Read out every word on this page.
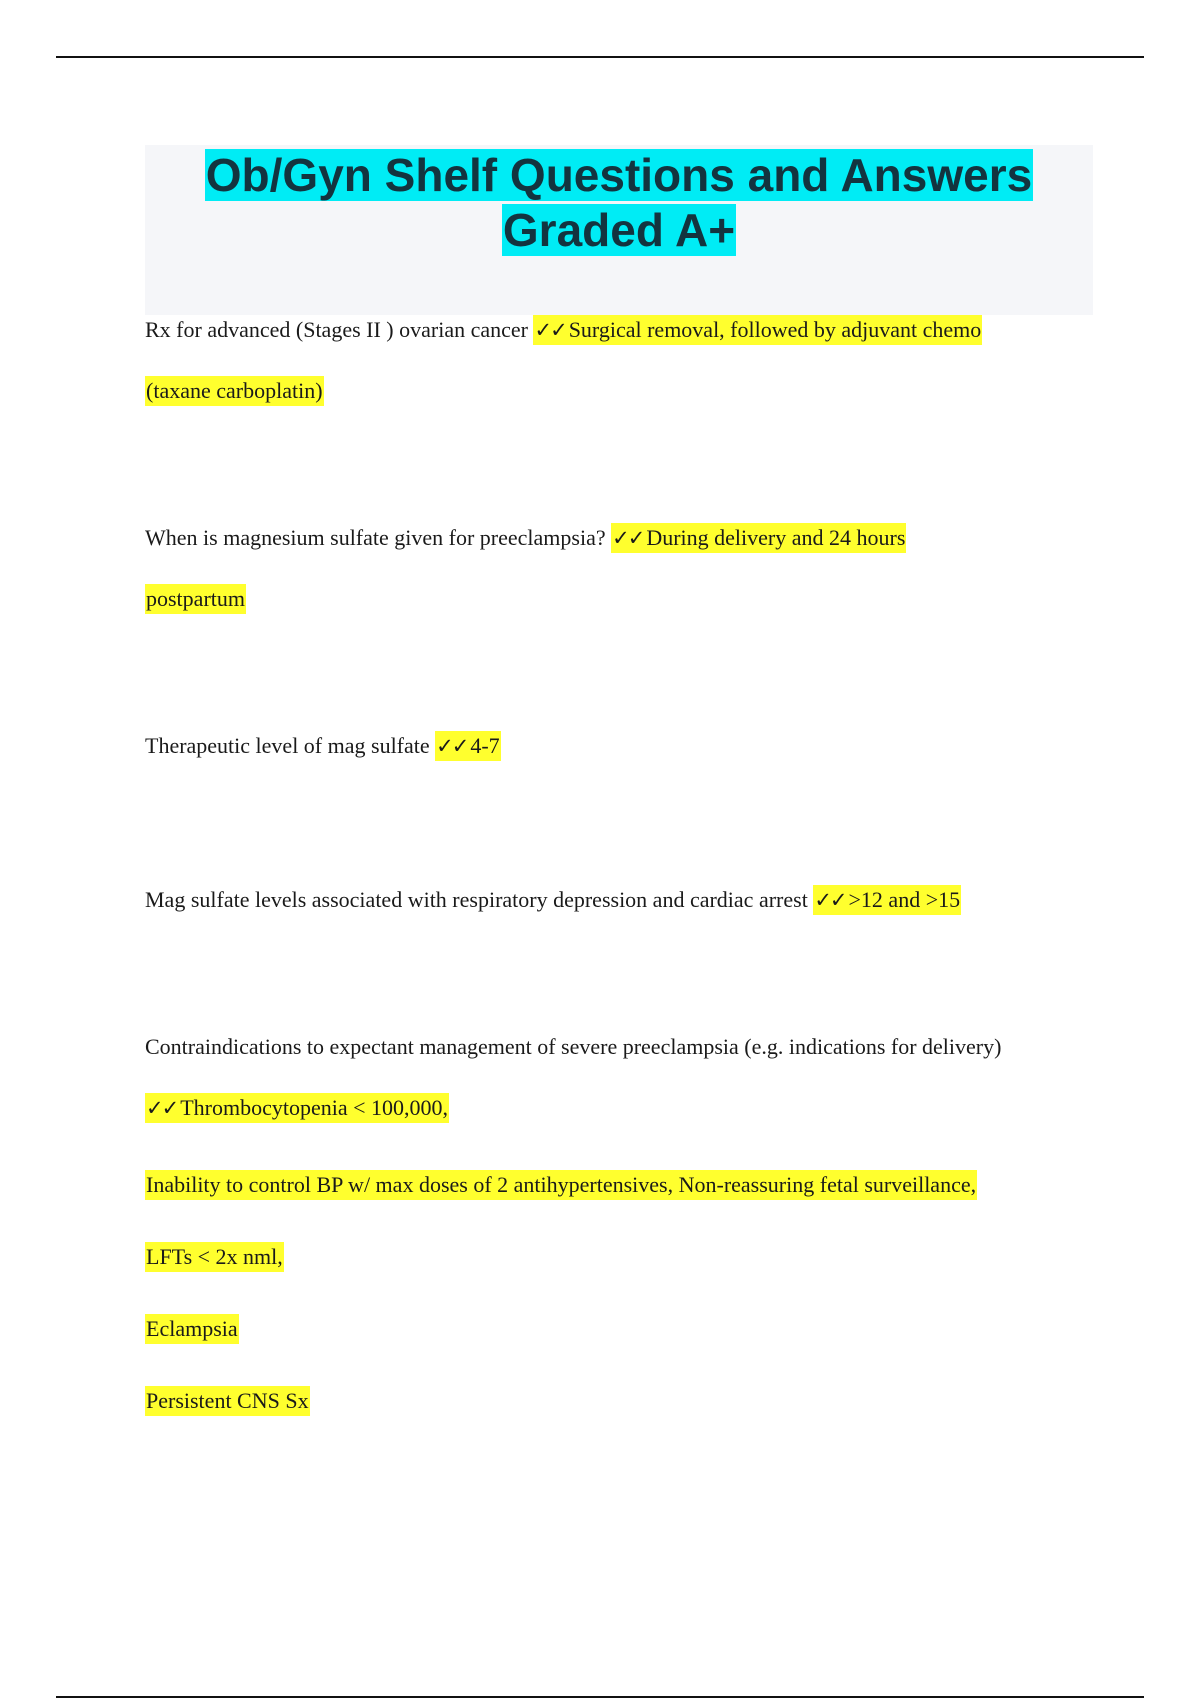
Ob/Gyn Shelf Questions and Answers
Graded A+
Rx for advanced (Stages II ) ovarian cancer ✓✓ Surgical removal, followed by adjuvant chemo
(taxane carboplatin)
When is magnesium sulfate given for preeclampsia? ✓✓ During delivery and 24 hours
postpartum
Therapeutic level of mag sulfate ✓✓ 4-7
Mag sulfate levels associated with respiratory depression and cardiac arrest ✓✓ >12 and >15
Contraindications to expectant management of severe preeclampsia (e.g. indications for delivery)
✓✓ Thrombocytopenia < 100,000,
Inability to control BP w/ max doses of 2 antihypertensives, Non-reassuring fetal surveillance,
LFTs < 2x nml,
Eclampsia
Persistent CNS Sx
